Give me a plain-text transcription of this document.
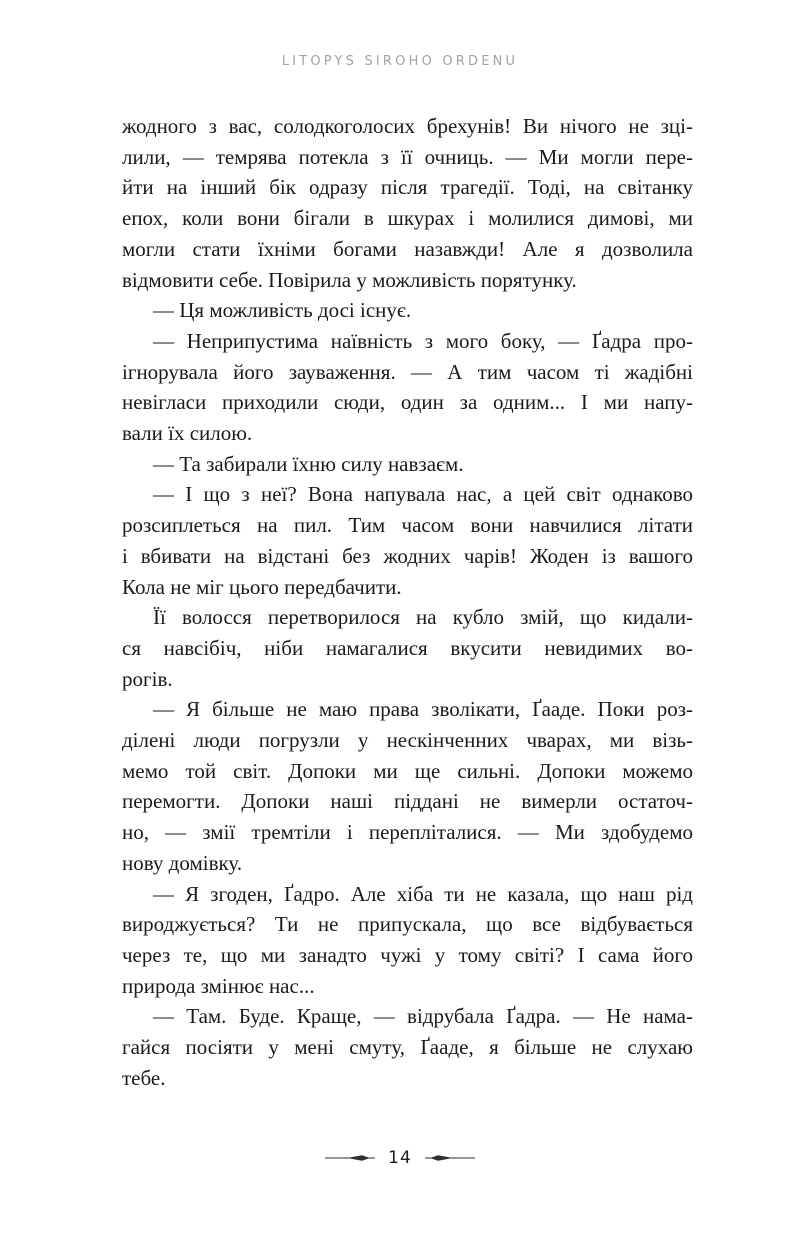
LITOPYS SIROHO ORDENU

жодного з вас, солодкоголосих брехунів! Ви нічого не зці-
лили, — темрява потекла з її очниць. — Ми могли пере-
йти на інший бік одразу після трагедії. Тоді, на світанку
епох, коли вони бігали в шкурах і молилися димові, ми
могли стати їхніми богами назавжди! Але я дозволила
відмовити себе. Повірила у можливість порятунку.

— Ця можливість досі існує.

— Неприпустима наївність з мого боку, — Ґадра про-
ігнорувала його зауваження. — А тим часом ті жадібні
невігласи приходили сюди, один за одним... І ми напу-
вали їх силою.

— Та забирали їхню силу навзаєм.

— І що з неї? Вона напувала нас, а цей світ однаково
розсиплеться на пил. Тим часом вони навчилися літати
і вбивати на відстані без жодних чарів! Жоден із вашого
Кола не міг цього передбачити.

Її волосся перетворилося на кубло змій, що кидали-
ся навсібіч, ніби намагалися вкусити невидимих во-
рогів.

— Я більше не маю права зволікати, Ґааде. Поки роз-
ділені люди погрузли у нескінченних чварах, ми візь-
мемо той світ. Допоки ми ще сильні. Допоки можемо
перемогти. Допоки наші піддані не вимерли остаточ-
но, — змії тремтіли і перепліталися. — Ми здобудемо
нову домівку.

— Я згоден, Ґадро. Але хіба ти не казала, що наш рід
вироджується? Ти не припускала, що все відбувається
через те, що ми занадто чужі у тому світі? І сама його
природа змінює нас...

— Там. Буде. Краще, — відрубала Ґадра. — Не нама-
гайся посіяти у мені смуту, Ґааде, я більше не слухаю
тебе.

14
